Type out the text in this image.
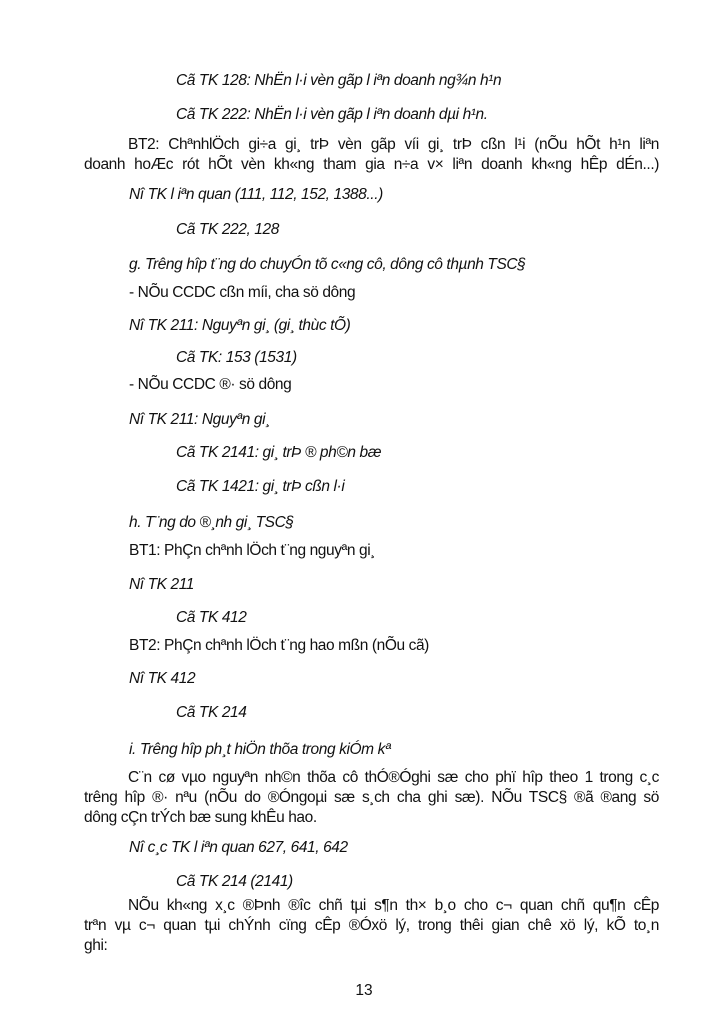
Cã TK 128: NhËn l·i vèn gãp l iªn doanh ng¾n h¹n
Cã TK 222: NhËn l·i vèn gãp l iªn doanh dµi h¹n.
BT2: ChªnhlÖch gi÷a gi¸ trÞ vèn gãp víi gi¸ trÞ cßn l¹i (nÕu hÕt h¹n liªn
doanh hoÆc rót hÕt vèn kh«ng tham gia n÷a v× liªn doanh kh«ng hÊp dÉn...)
Nî TK l iªn quan (111, 112, 152, 1388...)
Cã TK 222, 128
g. Trêng hîp t¨ng do chuyÓn tõ c«ng cô, dông cô thµnh TSC§
- NÕu CCDC cßn míi, cha sö dông
Nî TK 211: Nguyªn gi¸ (gi¸ thùc tÕ)
Cã TK: 153 (1531)
- NÕu CCDC ®· sö dông
Nî TK 211: Nguyªn gi¸
Cã TK 2141: gi¸ trÞ ® ph©n bæ
Cã TK 1421: gi¸ trÞ cßn l·i
h. T¨ng do ®¸nh gi¸ TSC§
BT1: PhÇn chªnh lÖch t¨ng nguyªn gi¸
Nî TK 211
Cã TK 412
BT2: PhÇn chªnh lÖch t¨ng hao mßn (nÕu cã)
Nî TK 412
Cã TK 214
i. Trêng hîp ph¸t hiÖn thõa trong kiÓm kª
C¨n cø vµo nguyªn nh©n thõa cô thÓ®Óghi sæ cho phï hîp theo 1 trong c¸c
trêng hîp ®· nªu (nÕu do ®Óngoµi sæ s¸ch cha ghi sæ). NÕu TSC§ ®ã ®ang sö
dông cÇn trÝch bæ sung khÊu hao.
Nî c¸c TK l iªn quan 627, 641, 642
Cã TK 214 (2141)
NÕu kh«ng x¸c ®Þnh ®îc chñ tµi s¶n th× b¸o cho c¬ quan chñ qu¶n cÊp
trªn vµ c¬ quan tµi chÝnh cïng cÊp ®Óxö lý, trong thêi gian chê xö lý, kÕ to¸n
ghi:
13
